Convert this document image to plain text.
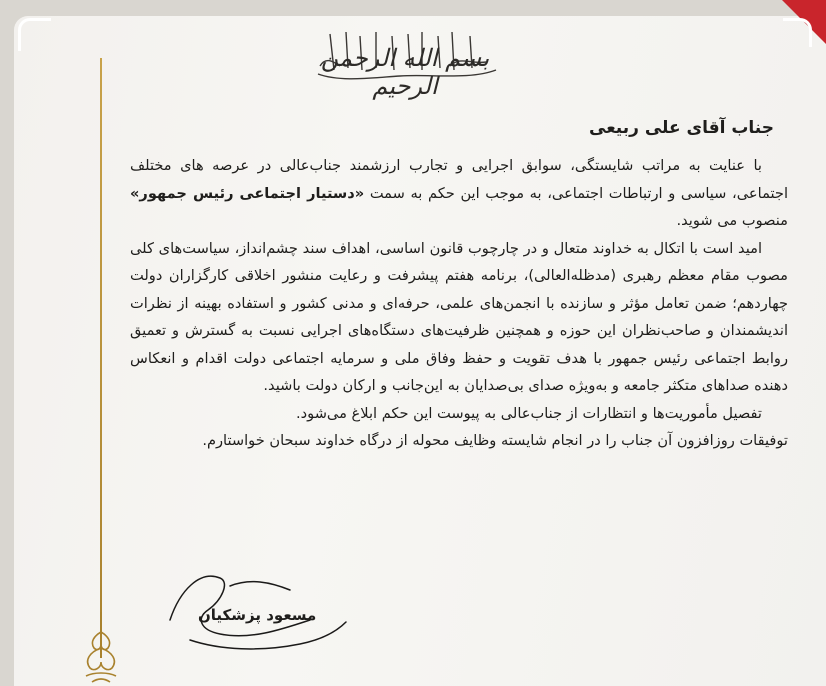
بسم الله الرحمن الرحیم
جناب آقای علی ربیعی

با عنایت به مراتب شایستگی، سوابق اجرایی و تجارب ارزشمند جناب‌عالی در عرصه های مختلف اجتماعی، سیاسی و ارتباطات اجتماعی، به موجب این حکم به سمت «دستیار اجتماعی رئیس جمهور» منصوب می شوید.

امید است با اتکال به خداوند متعال و در چارچوب قانون اساسی، اهداف سند چشم‌انداز، سیاست‌های کلی مصوب مقام معظم رهبری (مدظله‌العالی)، برنامه هفتم پیشرفت و رعایت منشور اخلاقی کارگزاران دولت چهاردهم؛ ضمن تعامل مؤثر و سازنده با انجمن‌های علمی، حرفه‌ای و مدنی کشور و استفاده بهینه از نظرات اندیشمندان و صاحب‌نظران این حوزه و همچنین ظرفیت‌های دستگاه‌های اجرایی نسبت به گسترش و تعمیق روابط اجتماعی رئیس جمهور با هدف تقویت و حفظ وفاق ملی و سرمایه اجتماعی دولت اقدام و انعکاس دهنده صداهای متکثر جامعه و به‌ویژه صدای بی‌صدایان به این‌جانب و ارکان دولت باشید.

تفصیل مأموریت‌ها و انتظارات از جناب‌عالی به پیوست این حکم ابلاغ می‌شود.

توفیقات روزافزون آن جناب را در انجام شایسته وظایف محوله از درگاه خداوند سبحان خواستارم.

مسعود پزشکیان
